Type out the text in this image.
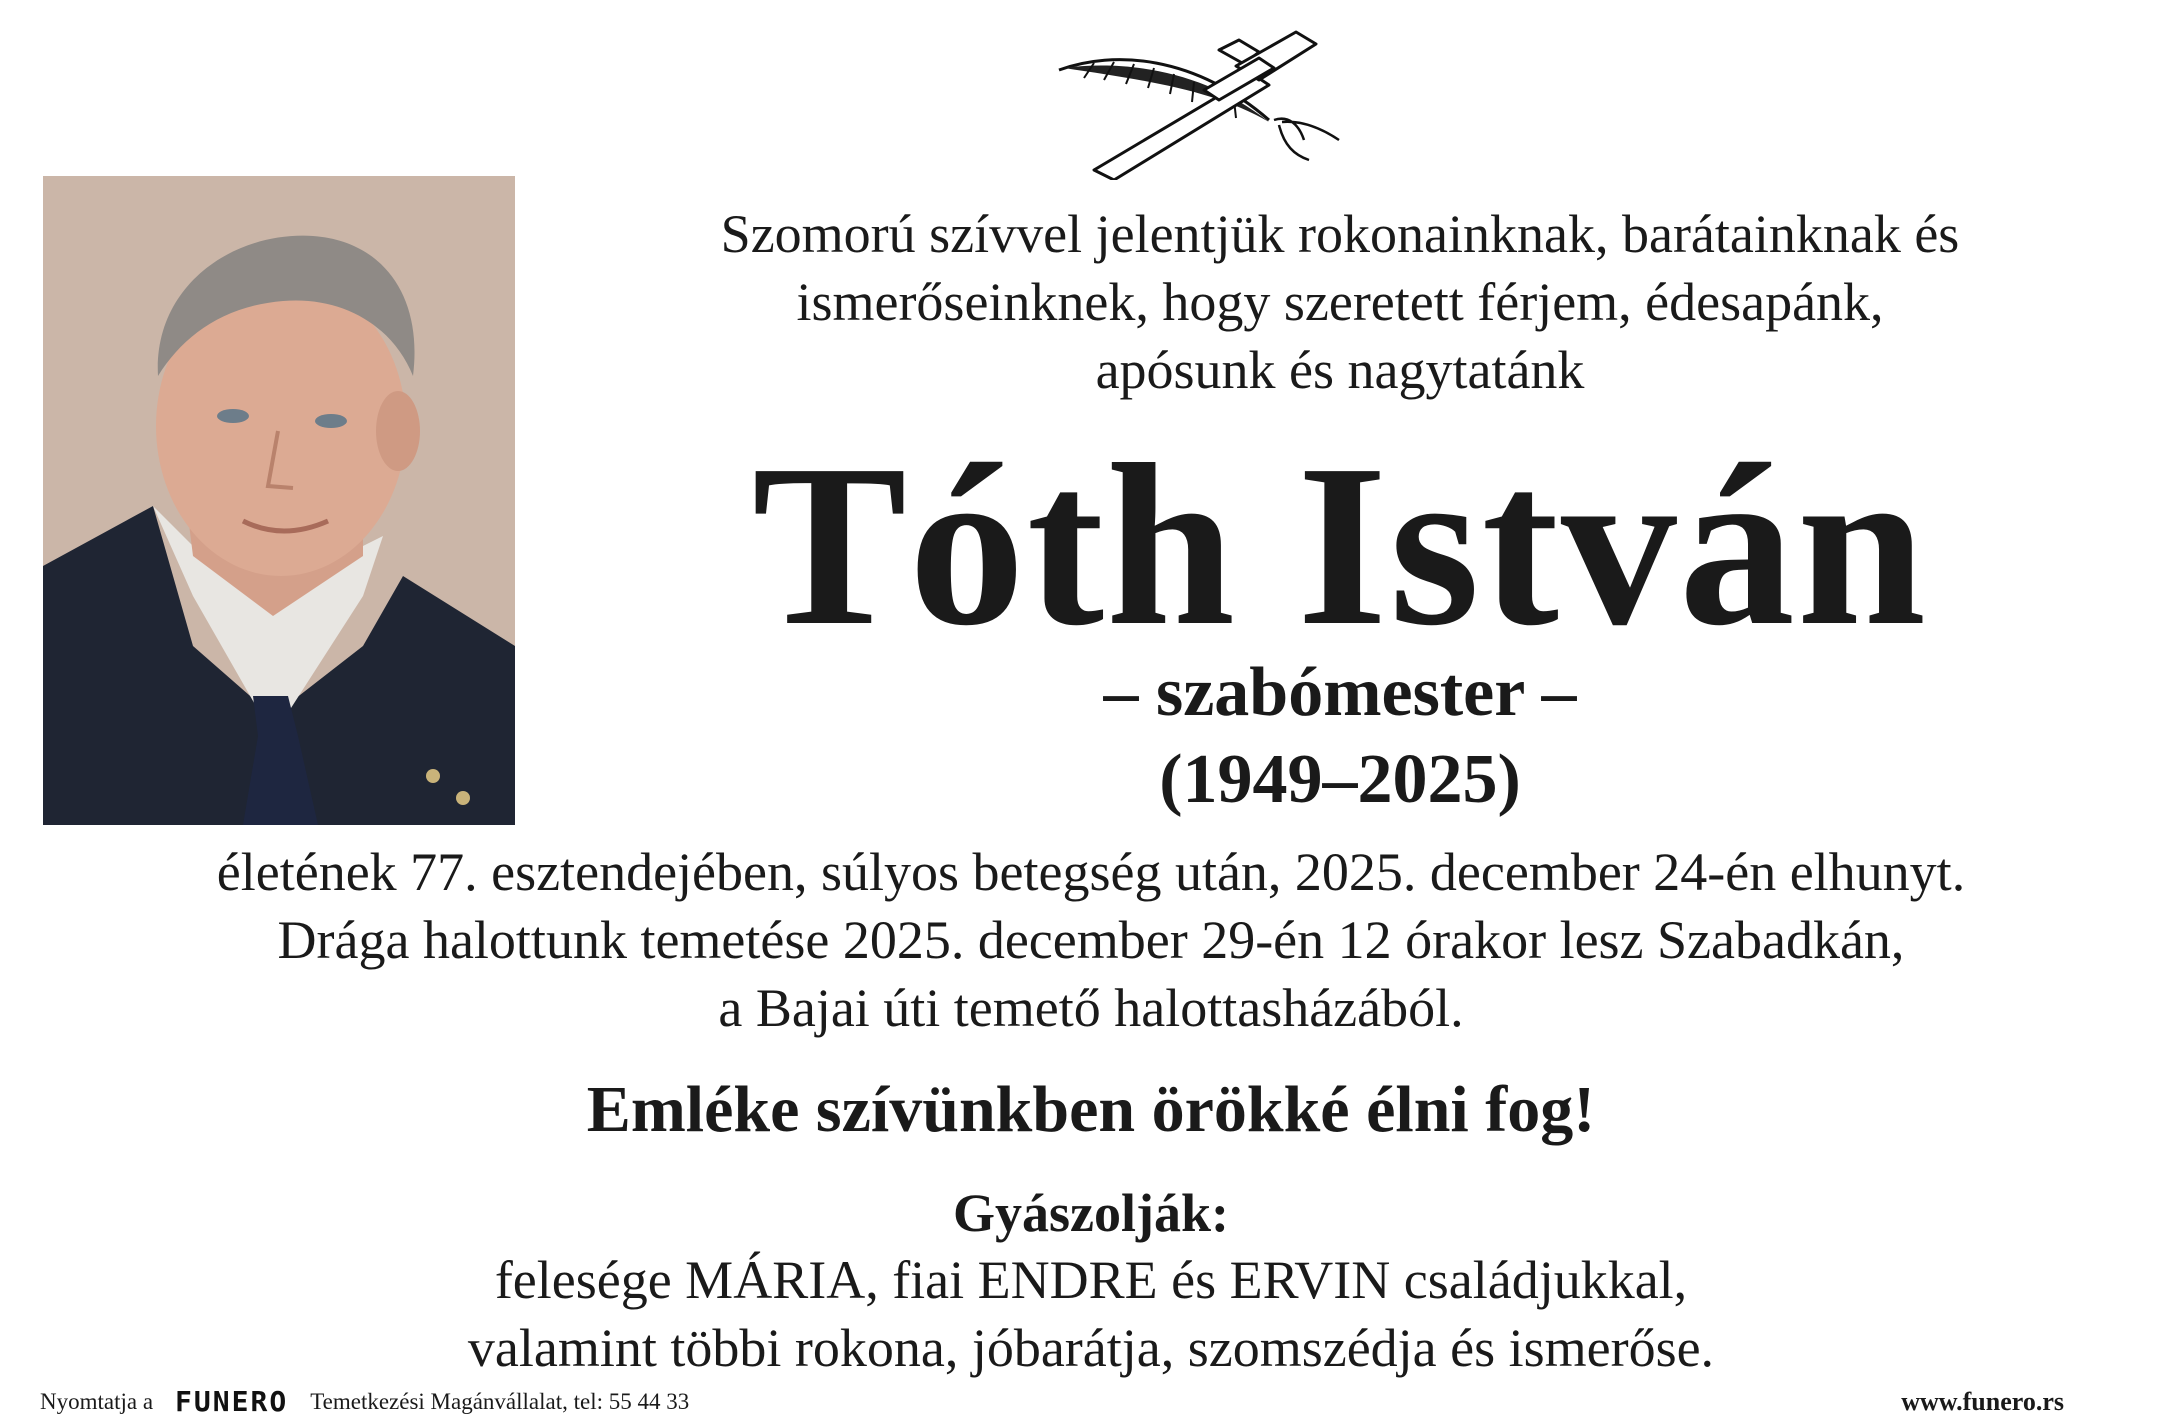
Szomorú szívvel jelentjük rokonainknak, barátainknak és
ismerőseinknek, hogy szeretett férjem, édesapánk,
apósunk és nagytatánk
Tóth István
– szabómester –
(1949–2025)
életének 77. esztendejében, súlyos betegség után, 2025. december 24-én elhunyt.
Drága halottunk temetése 2025. december 29-én 12 órakor lesz Szabadkán,
a Bajai úti temető halottasházából.
Emléke szívünkben örökké élni fog!
Gyászolják:
felesége MÁRIA, fiai ENDRE és ERVIN családjukkal,
valamint többi rokona, jóbarátja, szomszédja és ismerőse.
Nyomtatja a FUNERO Temetkezési Magánvállalat, tel: 55 44 33	www.funero.rs
